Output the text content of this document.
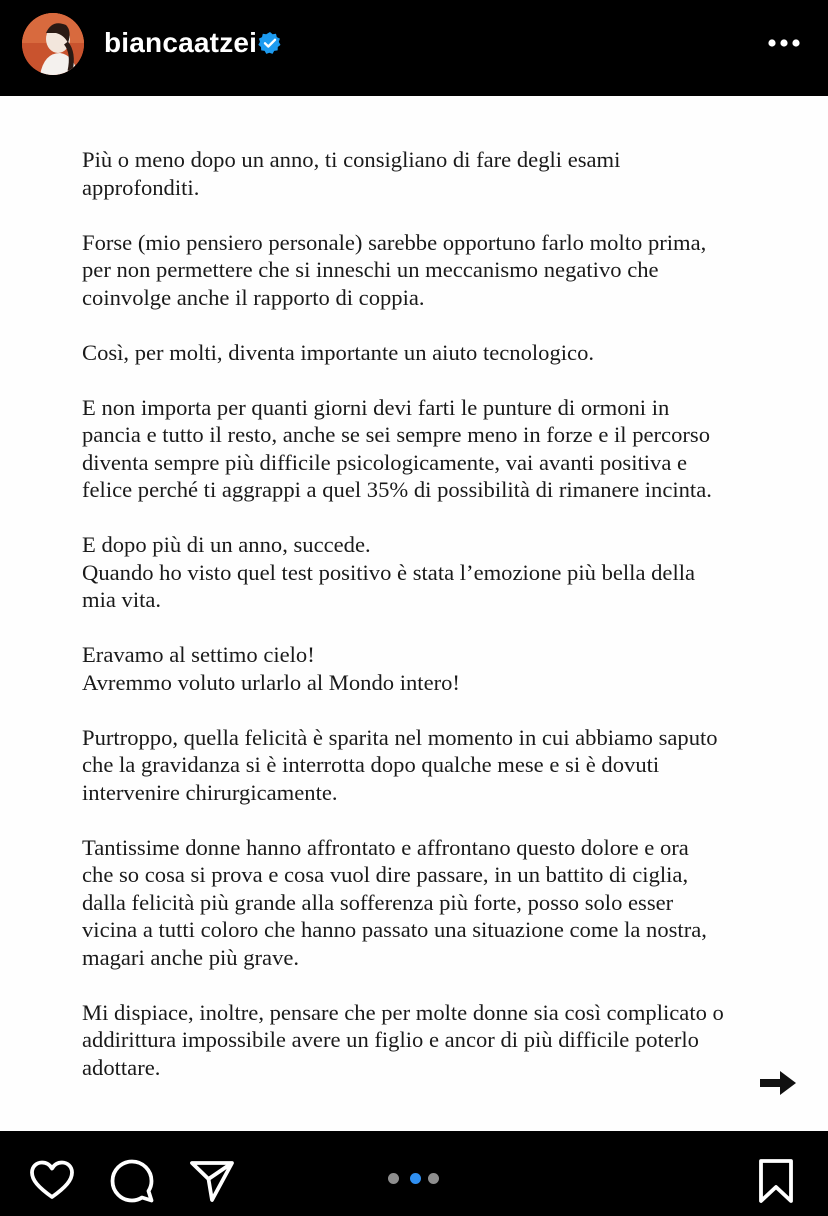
biancaatzei

Più o meno dopo un anno, ti consigliano di fare degli esami
approfonditi.

Forse (mio pensiero personale) sarebbe opportuno farlo molto prima,
per non permettere che si inneschi un meccanismo negativo che
coinvolge anche il rapporto di coppia.

Così, per molti, diventa importante un aiuto tecnologico.

E non importa per quanti giorni devi farti le punture di ormoni in
pancia e tutto il resto, anche se sei sempre meno in forze e il percorso
diventa sempre più difficile psicologicamente, vai avanti positiva e
felice perché ti aggrappi a quel 35% di possibilità di rimanere incinta.

E dopo più di un anno, succede.
Quando ho visto quel test positivo è stata l’emozione più bella della
mia vita.

Eravamo al settimo cielo!
Avremmo voluto urlarlo al Mondo intero!

Purtroppo, quella felicità è sparita nel momento in cui abbiamo saputo
che la gravidanza si è interrotta dopo qualche mese e si è dovuti
intervenire chirurgicamente.

Tantissime donne hanno affrontato e affrontano questo dolore e ora
che so cosa si prova e cosa vuol dire passare, in un battito di ciglia,
dalla felicità più grande alla sofferenza più forte, posso solo esser
vicina a tutti coloro che hanno passato una situazione come la nostra,
magari anche più grave.

Mi dispiace, inoltre, pensare che per molte donne sia così complicato o
addirittura impossibile avere un figlio e ancor di più difficile poterlo
adottare.
